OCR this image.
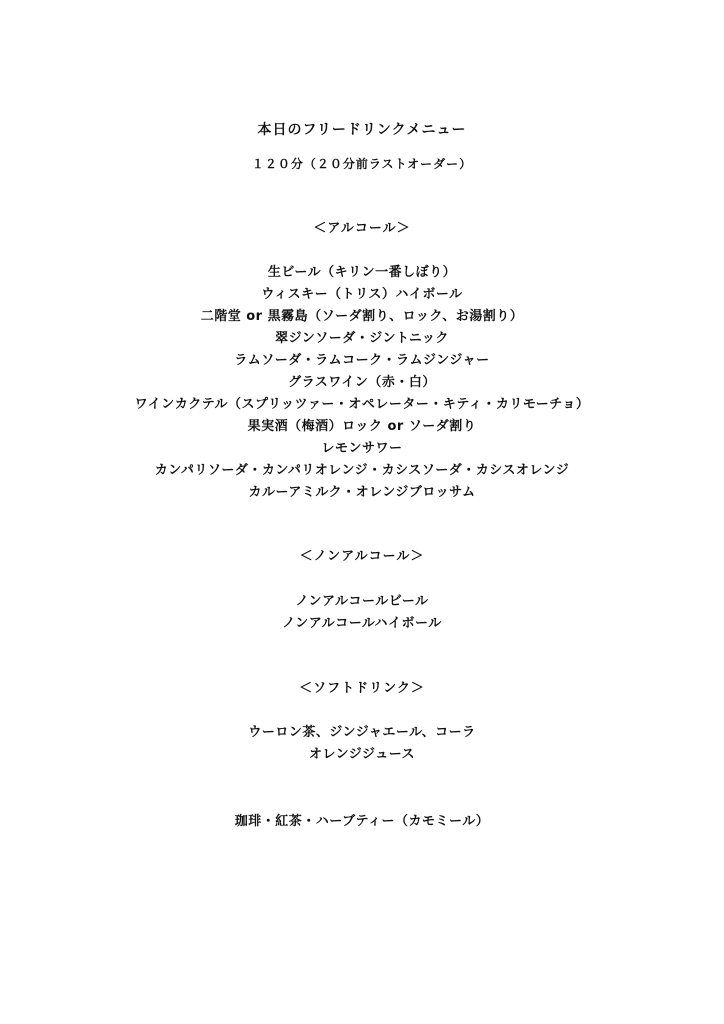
本日のフリードリンクメニュー
１２０分（２０分前ラストオーダー）
＜アルコール＞
生ビール（キリン一番しぼり）
ウィスキー（トリス）ハイボール
二階堂 or 黒霧島（ソーダ割り、ロック、お湯割り）
翠ジンソーダ・ジントニック
ラムソーダ・ラムコーク・ラムジンジャー
グラスワイン（赤・白）
ワインカクテル（スプリッツァー・オペレーター・キティ・カリモーチョ）
果実酒（梅酒）ロック or ソーダ割り
レモンサワー
カンパリソーダ・カンパリオレンジ・カシスソーダ・カシスオレンジ
カルーアミルク・オレンジブロッサム
＜ノンアルコール＞
ノンアルコールビール
ノンアルコールハイボール
＜ソフトドリンク＞
ウーロン茶、ジンジャエール、コーラ
オレンジジュース
珈琲・紅茶・ハーブティー（カモミール）
